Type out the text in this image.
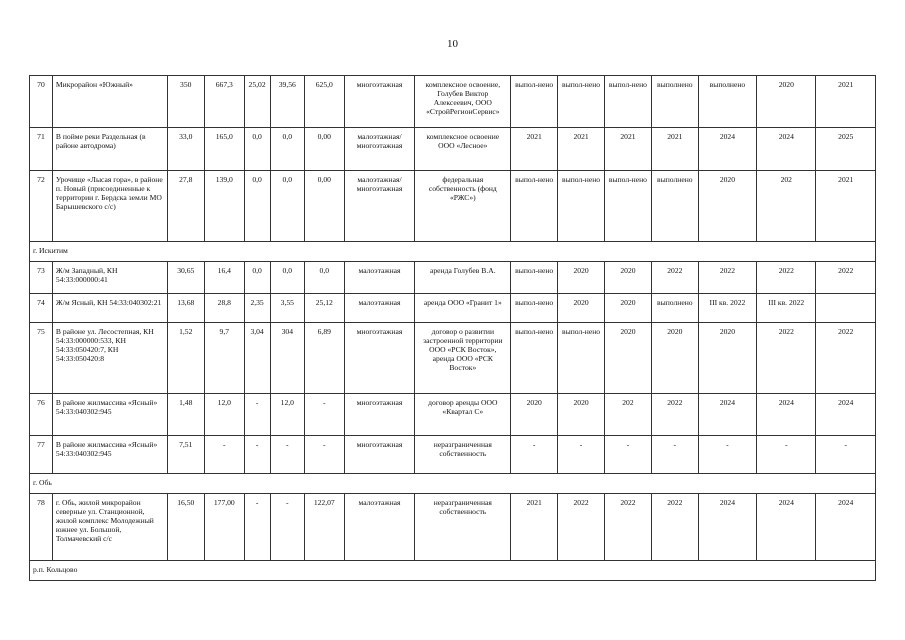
10
70	Микрорайон «Южный»	350	667,3	25,02	39,56	625,0	многоэтажная	комплексное освоение, Голубев Виктор Алексеевич, ООО «СтройРегионСервис»	выпол-нено	выпол-нено	выпол-нено	выполнено	выполнено	2020	2021
71	В пойме реки Раздельная (в районе автодрома)	33,0	165,0	0,0	0,0	0,00	малоэтажная/ многоэтажная	комплексное освоение ООО «Лесное»	2021	2021	2021	2021	2024	2024	2025
72	Урочище «Лысая гора», в районе п. Новый (присоединенные к территории г. Бердска земли МО Барышевского с/с)	27,8	139,0	0,0	0,0	0,00	малоэтажная/ многоэтажная	федеральная собственность (фонд «РЖС»)	выпол-нено	выпол-нено	выпол-нено	выполнено	2020	202	2021
г. Искитим															
73	Ж/м Западный, КН 54:33:000000:41	30,65	16,4	0,0	0,0	0,0	малоэтажная	аренда Голубев В.А.	выпол-нено	2020	2020	2022	2022	2022	2022
74	Ж/м Ясный, КН 54:33:040302:21	13,68	28,8	2,35	3,55	25,12	малоэтажная	аренда ООО «Гранит 1»	выпол-нено	2020	2020	выполнено	III кв. 2022	III кв. 2022	
75	В районе ул. Лесостепная, КН 54:33:000000:533, КН 54:33:050420:7, КН 54:33:050420:8	1,52	9,7	3,04	304	6,89	многоэтажная	договор о развитии застроенной территории ООО «РСК Восток», аренда ООО «РСК Восток»	выпол-нено	выпол-нено	2020	2020	2020	2022	2022
76	В районе жилмассива «Ясный» 54:33:040302:945	1,48	12,0	-	12,0	-	многоэтажная	договор аренды ООО «Квартал С»	2020	2020	202	2022	2024	2024	2024
77	В районе жилмассива «Ясный» 54:33:040302:945	7,51	-	-	-	-	многоэтажная	неразграниченная собственность	-	-	-	-	-	-	-
г. Обь															
78	г. Обь, жилой микрорайон северные ул. Станционной, жилой комплекс Молодежный южнее ул. Большой, Толмачевский с/с	16,50	177,00	-	-	122,07	малоэтажная	неразграниченная собственность	2021	2022	2022	2022	2024	2024	2024
р.п. Кольцово															
